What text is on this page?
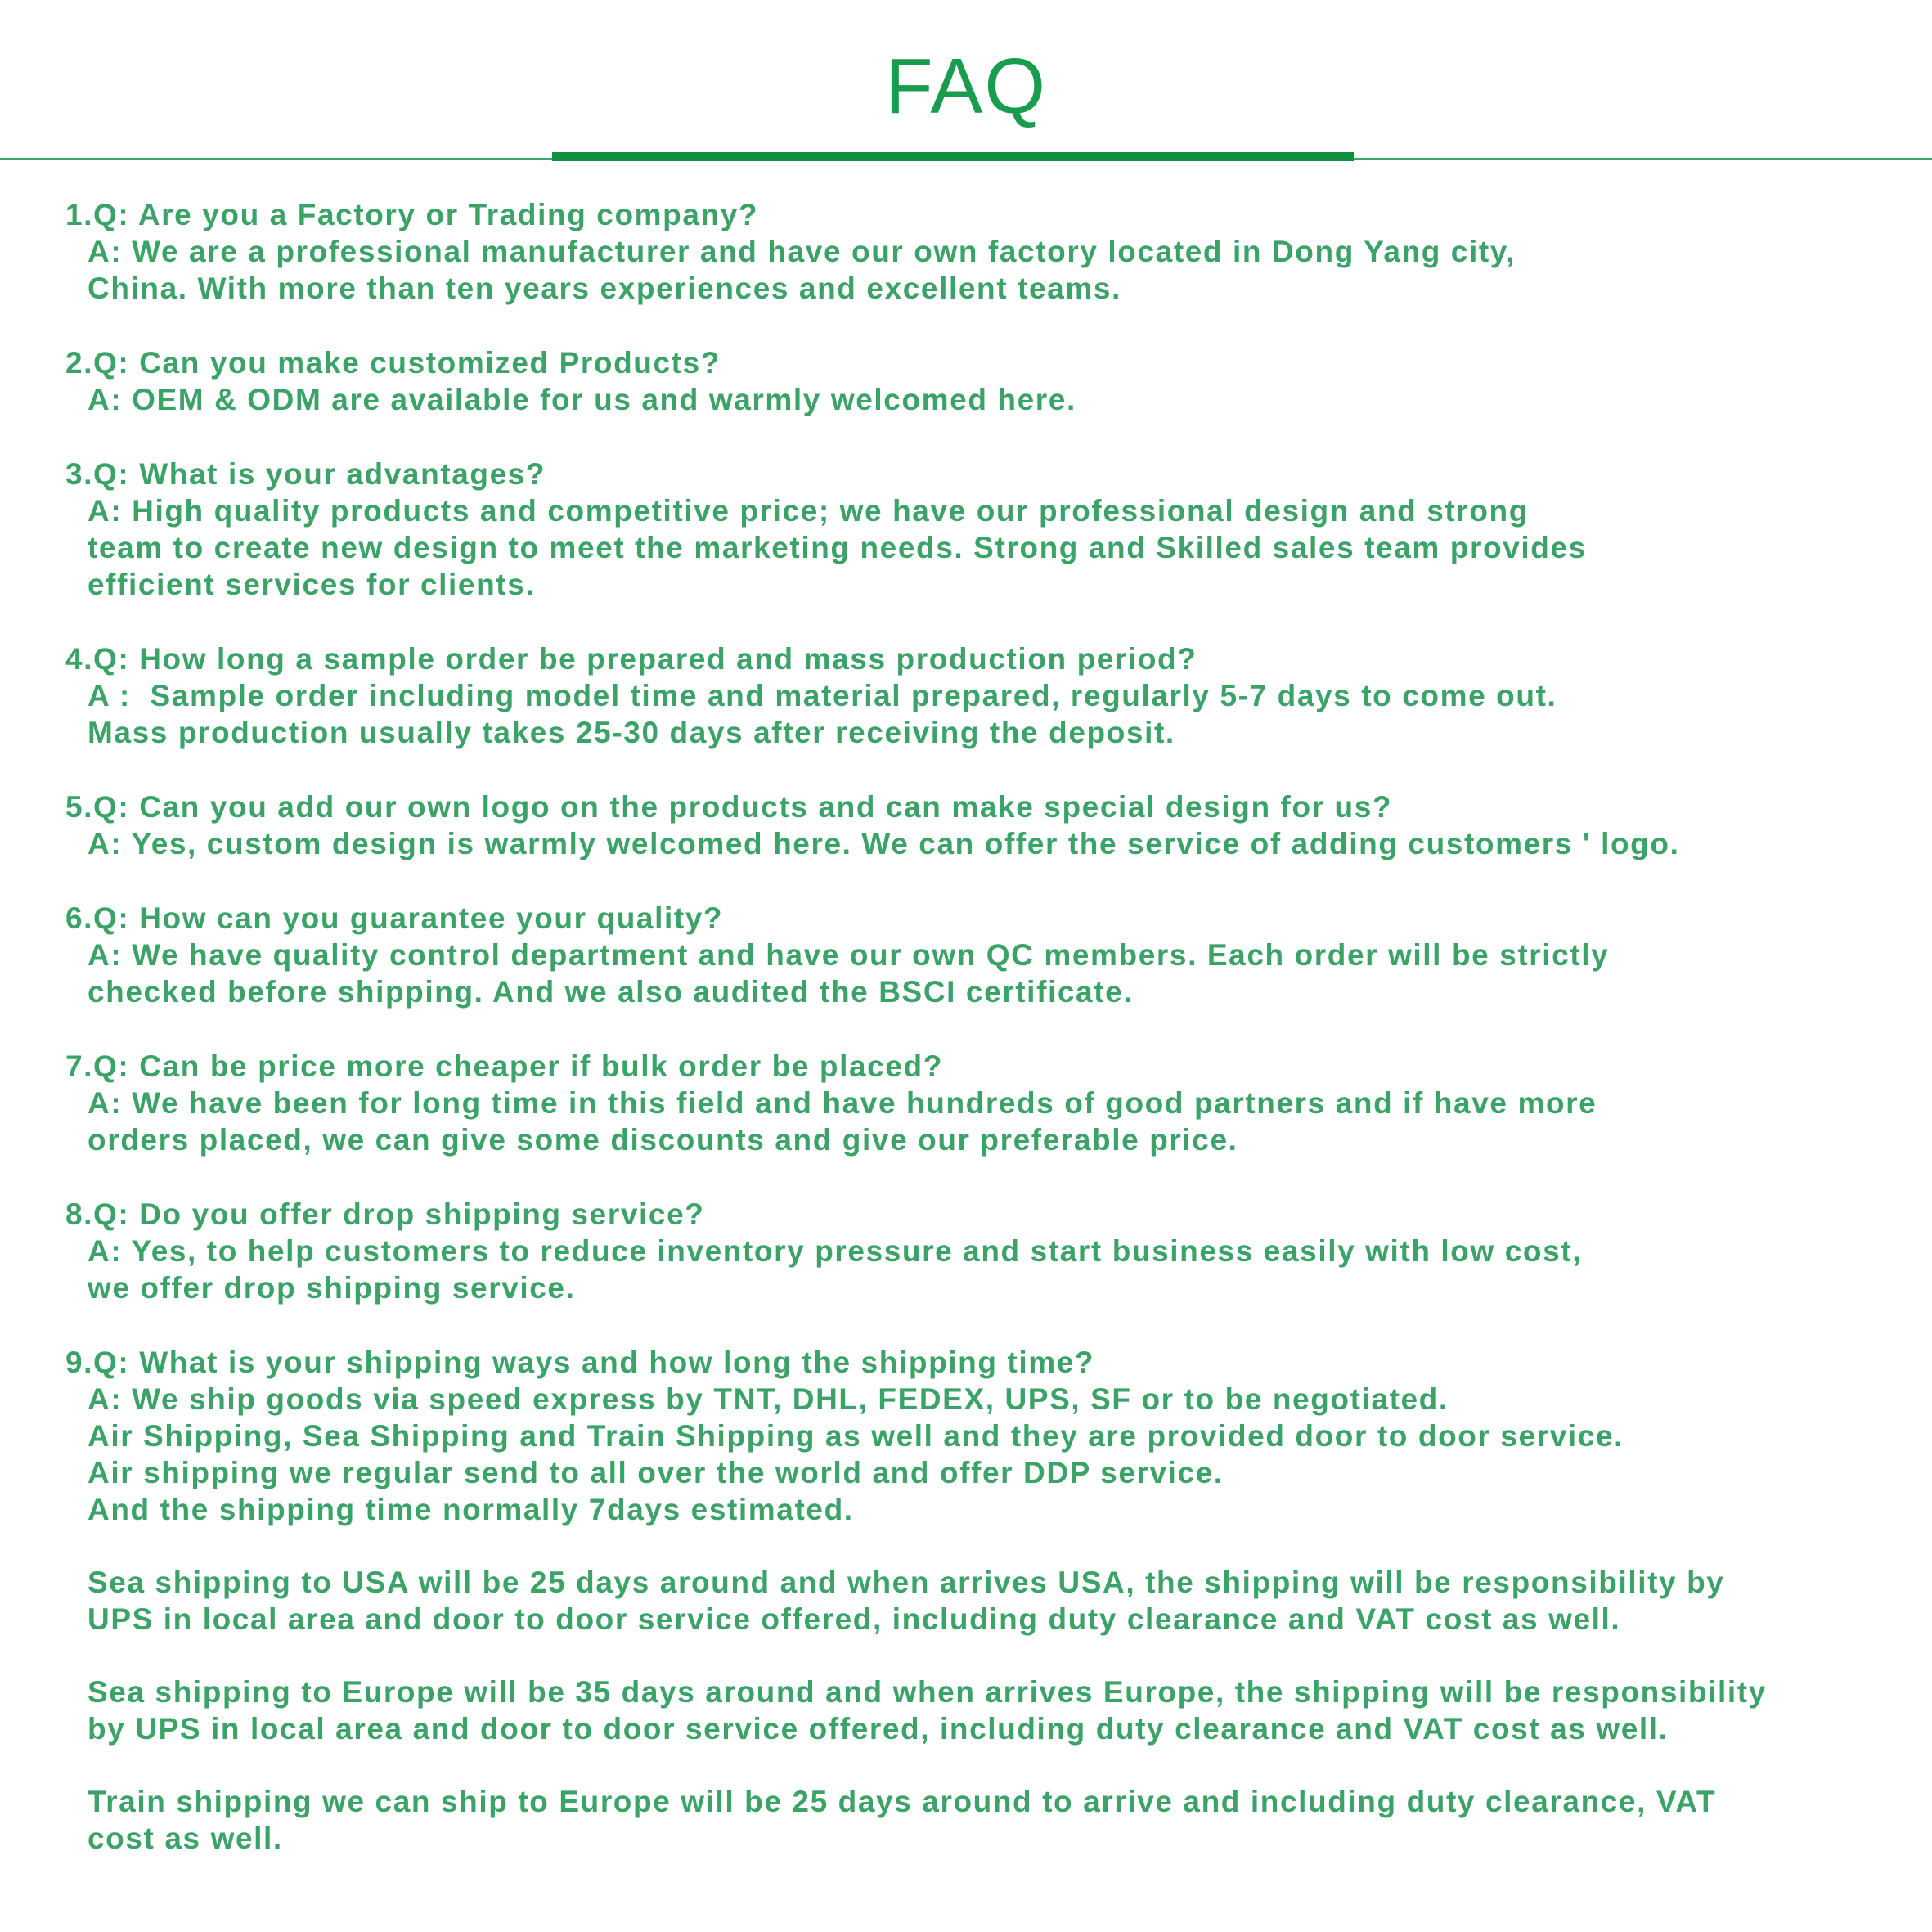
FAQ

1.Q: Are you a Factory or Trading company?

A: We are a professional manufacturer and have our own factory located in Dong Yang city,

China. With more than ten years experiences and excellent teams.

2.Q: Can you make customized Products?

A: OEM & ODM are available for us and warmly welcomed here.

3.Q: What is your advantages?

A: High quality products and competitive price; we have our professional design and strong

team to create new design to meet the marketing needs. Strong and Skilled sales team provides

efficient services for clients.

4.Q: How long a sample order be prepared and mass production period?

A :  Sample order including model time and material prepared, regularly 5-7 days to come out.

Mass production usually takes 25-30 days after receiving the deposit.

5.Q: Can you add our own logo on the products and can make special design for us?

A: Yes, custom design is warmly welcomed here. We can offer the service of adding customers ' logo.

6.Q: How can you guarantee your quality?

A: We have quality control department and have our own QC members. Each order will be strictly

checked before shipping. And we also audited the BSCI certificate.

7.Q: Can be price more cheaper if bulk order be placed?

A: We have been for long time in this field and have hundreds of good partners and if have more

orders placed, we can give some discounts and give our preferable price.

8.Q: Do you offer drop shipping service?

A: Yes, to help customers to reduce inventory pressure and start business easily with low cost,

we offer drop shipping service.

9.Q: What is your shipping ways and how long the shipping time?

A: We ship goods via speed express by TNT, DHL, FEDEX, UPS, SF or to be negotiated.

Air Shipping, Sea Shipping and Train Shipping as well and they are provided door to door service.

Air shipping we regular send to all over the world and offer DDP service.

And the shipping time normally 7days estimated.

Sea shipping to USA will be 25 days around and when arrives USA, the shipping will be responsibility by

UPS in local area and door to door service offered, including duty clearance and VAT cost as well.

Sea shipping to Europe will be 35 days around and when arrives Europe, the shipping will be responsibility

by UPS in local area and door to door service offered, including duty clearance and VAT cost as well.

Train shipping we can ship to Europe will be 25 days around to arrive and including duty clearance, VAT

cost as well.
